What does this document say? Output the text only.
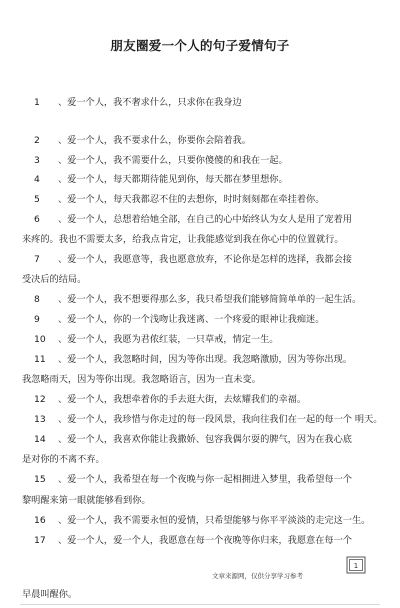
朋友圈爱一个人的句子爱情句子
1 、爱一个人，我不奢求什么，只求你在我身边
2 、爱一个人，我不要求什么，你要你会陪着我。
3 、爱一个人，我不需要什么，只要你傻傻的和我在一起。
4 、爱一个人，每天都期待能见到你，每天都在梦里想你。
5 、爱一个人，每天我都忍不住的去想你，时时刻刻都在牵挂着你。
6 、爱一个人，总想着给她全部，在自己的心中始终认为女人是用了宠着用
来疼的。我也不需要太多，给我点肯定，让我能感觉到我在你心中的位置就行。
7 、爱一个人，我愿意等，我也愿意放弃，不论你是怎样的选择，我都会接
受决后的结局。
8 、爱一个人，我不想要得那么多，我只希望我们能够简简单单的一起生活。
9 、爱一个人，你的一个浅吻让我迷离、一个疼爱的眼神让我痴迷。
10 、爱一个人，我愿为君侬红装，一只草戒，情定一生。
11 、爱一个人，我忽略时间，因为等你出现。我忽略激励，因为等你出现。
我忽略雨天，因为等你出现。我忽略语言，因为一直未变。
12 、爱一个人，我想牵着你的手去逛大街，去炫耀我们的幸福。
13 、爱一个人，我珍惜与你走过的每一段风景，我向往我们在一起的每一个 明天。
14 、爱一个人，我喜欢你能让我撒娇、包容我偶尔耍的脾气，因为在我心底
是对你的不离不弃。
15 、爱一个人，我希望在每一个夜晚与你一起相拥进入梦里，我希望每一个
黎明醒来第一眼就能够看到你。
16 、爱一个人，我不需要永恒的爱情，只希望能够与你平平淡淡的走完这一生。
17 、爱一个人，爱一个人，我愿意在每一个夜晚等你归来，我愿意在每一个
早晨叫醒你。
1
文章来源网，仅供分享学习参考
